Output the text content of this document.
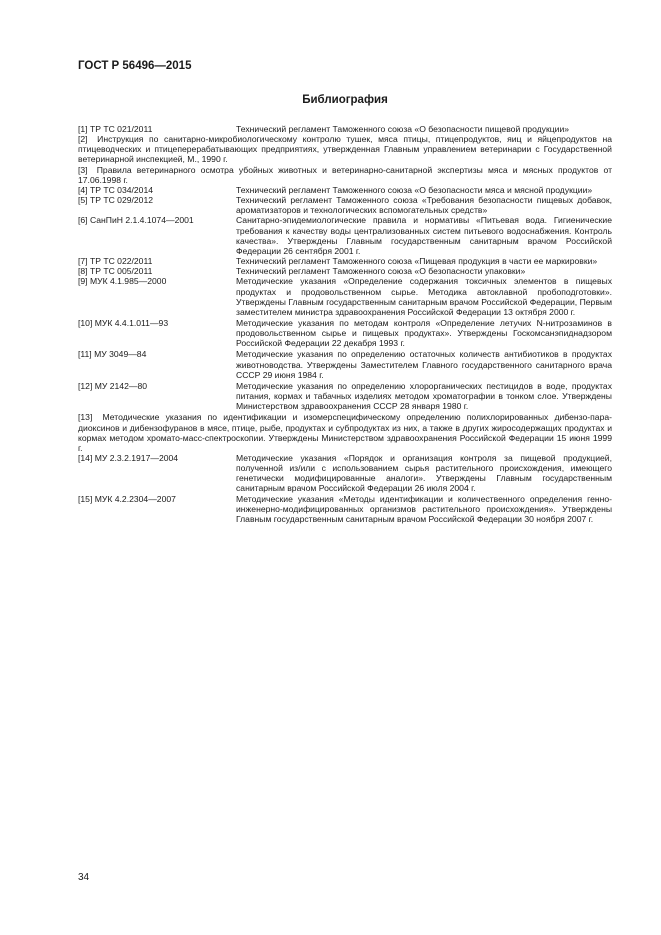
ГОСТ Р 56496—2015
Библиография
[1] ТР ТС 021/2011	Технический регламент Таможенного союза «О безопасности пищевой продукции»
[2] Инструкция по санитарно-микробиологическому контролю тушек, мяса птицы, птицепродуктов, яиц и яйцепродуктов на птицеводческих и птицеперерабатывающих предприятиях, утвержденная Главным управлением ветеринарии с Государственной ветеринарной инспекцией, М., 1990 г.
[3] Правила ветеринарного осмотра убойных животных и ветеринарно-санитарной экспертизы мяса и мясных продуктов от 17.06.1998 г.
[4] ТР ТС 034/2014	Технический регламент Таможенного союза «О безопасности мяса и мясной продукции»
[5] ТР ТС 029/2012	Технический регламент Таможенного союза «Требования безопасности пищевых добавок, ароматизаторов и технологических вспомогательных средств»
[6] СанПиН 2.1.4.1074—2001	Санитарно-эпидемиологические правила и нормативы «Питьевая вода. Гигиенические требования к качеству воды централизованных систем питьевого водоснабжения. Контроль качества». Утверждены Главным государственным санитарным врачом Российской Федерации 26 сентября 2001 г.
[7] ТР ТС 022/2011	Технический регламент Таможенного союза «Пищевая продукция в части ее маркировки»
[8] ТР ТС 005/2011	Технический регламент Таможенного союза «О безопасности упаковки»
[9] МУК 4.1.985—2000	Методические указания «Определение содержания токсичных элементов в пищевых продуктах и продовольственном сырье. Методика автоклавной пробоподготовки». Утверждены Главным государственным санитарным врачом Российской Федерации, Первым заместителем министра здравоохранения Российской Федерации 13 октября 2000 г.
[10] МУК 4.4.1.011—93	Методические указания по методам контроля «Определение летучих N-нитрозаминов в продовольственном сырье и пищевых продуктах». Утверждены Госкомсанэпиднадзором Российской Федерации 22 декабря 1993 г.
[11] МУ 3049—84	Методические указания по определению остаточных количеств антибиотиков в продуктах животноводства. Утверждены Заместителем Главного государственного санитарного врача СССР 29 июня 1984 г.
[12] МУ 2142—80	Методические указания по определению хлорорганических пестицидов в воде, продуктах питания, кормах и табачных изделиях методом хроматографии в тонком слое. Утверждены Министерством здравоохранения СССР 28 января 1980 г.
[13] Методические указания по идентификации и изомерспецифическому определению полихлорированных дибензо-пара-диоксинов и дибензофуранов в мясе, птице, рыбе, продуктах и субпродуктах из них, а также в других жиросодержащих продуктах и кормах методом хромато-масс-спектроскопии. Утверждены Министерством здравоохранения Российской Федерации 15 июня 1999 г.
[14] МУ 2.3.2.1917—2004	Методические указания «Порядок и организация контроля за пищевой продукцией, полученной из/или с использованием сырья растительного происхождения, имеющего генетически модифицированные аналоги». Утверждены Главным государственным санитарным врачом Российской Федерации 26 июля 2004 г.
[15] МУК 4.2.2304—2007	Методические указания «Методы идентификации и количественного определения генно-инженерно-модифицированных организмов растительного происхождения». Утверждены Главным государственным санитарным врачом Российской Федерации 30 ноября 2007 г.
34
